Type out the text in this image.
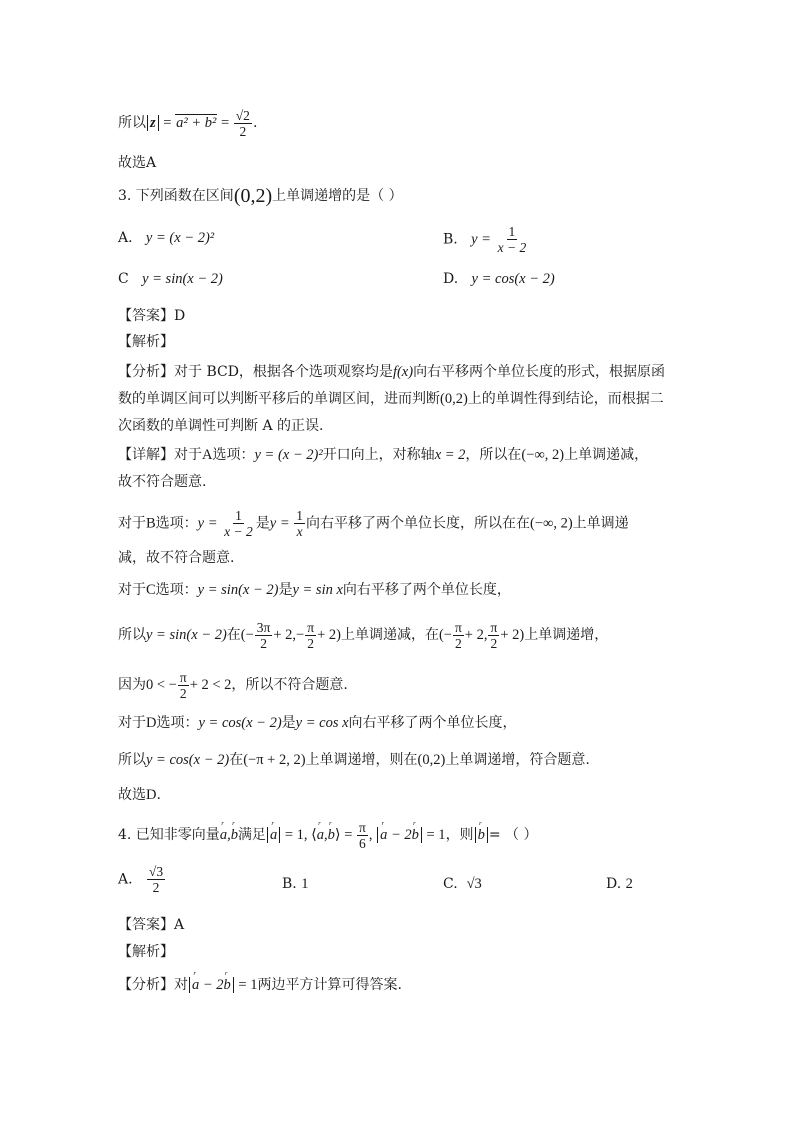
所以 $z = a^2 + b^2 = \frac{√2}{2}$ .
故选A
3. 下列函数在区间(0,2)上单调递增的是（ ）
A. y = (x − 2)²	B. $y = \frac{1}{x - 2}$
C y = sin(x − 2)	D. y = cos(x − 2)
【答案】D
【解析】
【分析】对于 BCD，根据各个选项观察均是f(x)向右平移两个单位长度的形式，根据原函
数的单调区间可以判断平移后的单调区间，进而判断(0,2)上的单调性得到结论，而根据二
次函数的单调性可判断 A 的正误.
【详解】对于A选项：y = (x − 2)²开口向上，对称轴x = 2，所以在(−∞, 2)上单调递减，
故不符合题意.
对于B选项：$y = \frac{1}{x - 2}$ 是$y = \frac{1}{x}$ 向右平移了两个单位长度，所以在在(−∞, 2)上单调递
减，故不符合题意.
对于C选项：y = sin(x − 2)是y = sin x向右平移了两个单位长度，
所以y = sin(x − 2)在(− $\frac{3\pi}{2} + 2,- \frac{\pi}{2} + 2$)上单调递减，在(− $\frac{\pi}{2} + 2$, $\frac{\pi}{2} + 2$)上单调递增，
因为0 < − $\frac{\pi}{2} + 2 < 2$，所以不符合题意.
对于D选项：y = cos(x − 2)是y = cos x向右平移了两个单位长度，
所以y = cos(x − 2)在(−π + 2, 2)上单调递增，则在(0,2)上单调递增，符合题意.
故选D.
4. 已知非零向量ʳ a,ʳ b满足 ʳ a = 1, ⟨ʳ a,ʳ b⟩ = $\frac{\pi}{6}$ , ʳ a − 2ʳ b = 1，则 ʳ b = （ ）
A. $\frac{√3}{2}$	B. 1	C. √3	D. 2
【答案】A
【解析】
【分析】对 ʳ a − 2ʳ b = 1两边平方计算可得答案.
